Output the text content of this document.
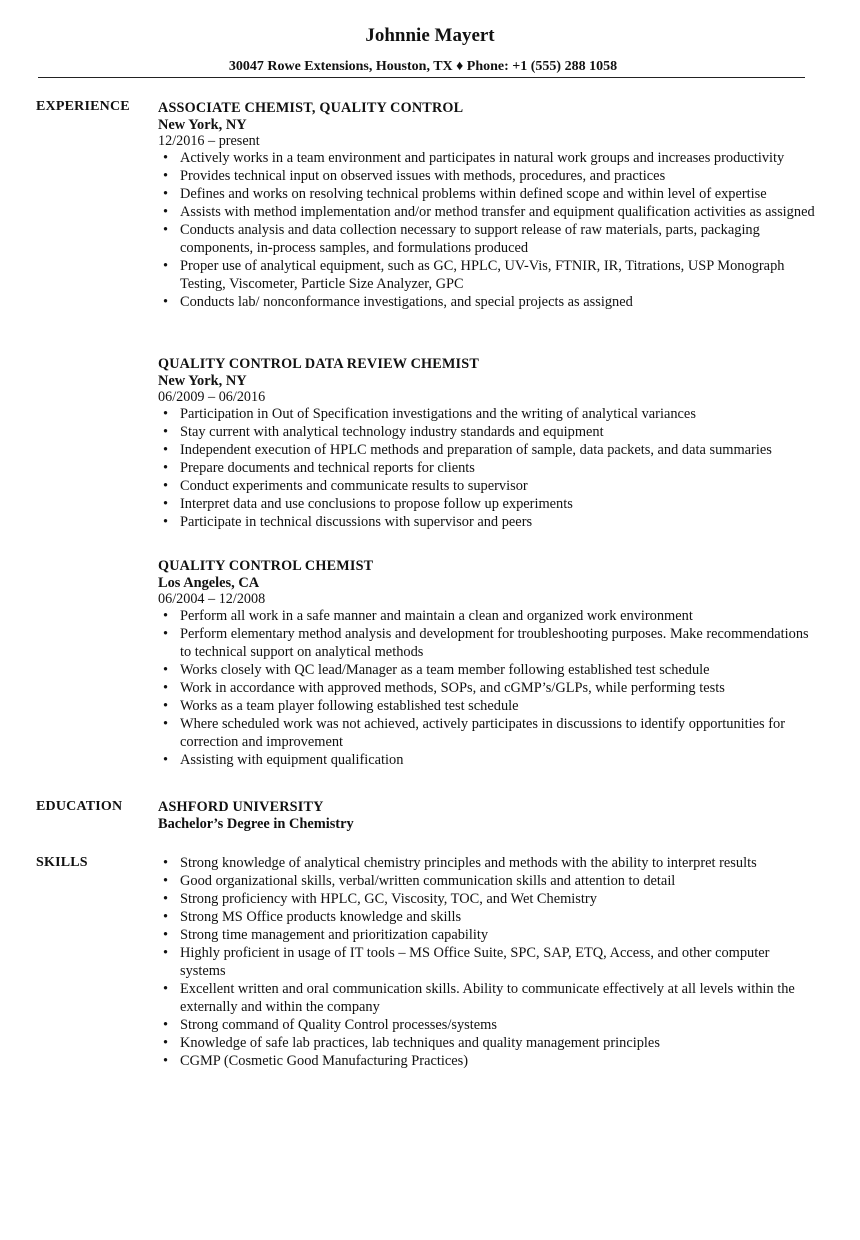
Johnnie Mayert
30047 Rowe Extensions, Houston, TX ♦ Phone: +1 (555) 288 1058
EXPERIENCE ASSOCIATE CHEMIST, QUALITY CONTROL
New York, NY
12/2016 – present
• Actively works in a team environment and participates in natural work groups and increases productivity
• Provides technical input on observed issues with methods, procedures, and practices
• Defines and works on resolving technical problems within defined scope and within level of expertise
• Assists with method implementation and/or method transfer and equipment qualification activities as assigned
• Conducts analysis and data collection necessary to support release of raw materials, parts, packaging components, in-process samples, and formulations produced
• Proper use of analytical equipment, such as GC, HPLC, UV-Vis, FTNIR, IR, Titrations, USP Monograph Testing, Viscometer, Particle Size Analyzer, GPC
• Conducts lab/ nonconformance investigations, and special projects as assigned
QUALITY CONTROL DATA REVIEW CHEMIST
New York, NY
06/2009 – 06/2016
• Participation in Out of Specification investigations and the writing of analytical variances
• Stay current with analytical technology industry standards and equipment
• Independent execution of HPLC methods and preparation of sample, data packets, and data summaries
• Prepare documents and technical reports for clients
• Conduct experiments and communicate results to supervisor
• Interpret data and use conclusions to propose follow up experiments
• Participate in technical discussions with supervisor and peers
QUALITY CONTROL CHEMIST
Los Angeles, CA
06/2004 – 12/2008
• Perform all work in a safe manner and maintain a clean and organized work environment
• Perform elementary method analysis and development for troubleshooting purposes. Make recommendations to technical support on analytical methods
• Works closely with QC lead/Manager as a team member following established test schedule
• Work in accordance with approved methods, SOPs, and cGMP’s/GLPs, while performing tests
• Works as a team player following established test schedule
• Where scheduled work was not achieved, actively participates in discussions to identify opportunities for correction and improvement
• Assisting with equipment qualification
EDUCATION	ASHFORD UNIVERSITY
Bachelor’s Degree in Chemistry
SKILLS
•	Strong knowledge of analytical chemistry principles and methods with the ability to interpret results
• Good organizational skills, verbal/written communication skills and attention to detail
• Strong proficiency with HPLC, GC, Viscosity, TOC, and Wet Chemistry
• Strong MS Office products knowledge and skills
• Strong time management and prioritization capability
• Highly proficient in usage of IT tools – MS Office Suite, SPC, SAP, ETQ, Access, and other computer systems
• Excellent written and oral communication skills. Ability to communicate effectively at all levels within the externally and within the company
• Strong command of Quality Control processes/systems
• Knowledge of safe lab practices, lab techniques and quality management principles
• CGMP (Cosmetic Good Manufacturing Practices)
